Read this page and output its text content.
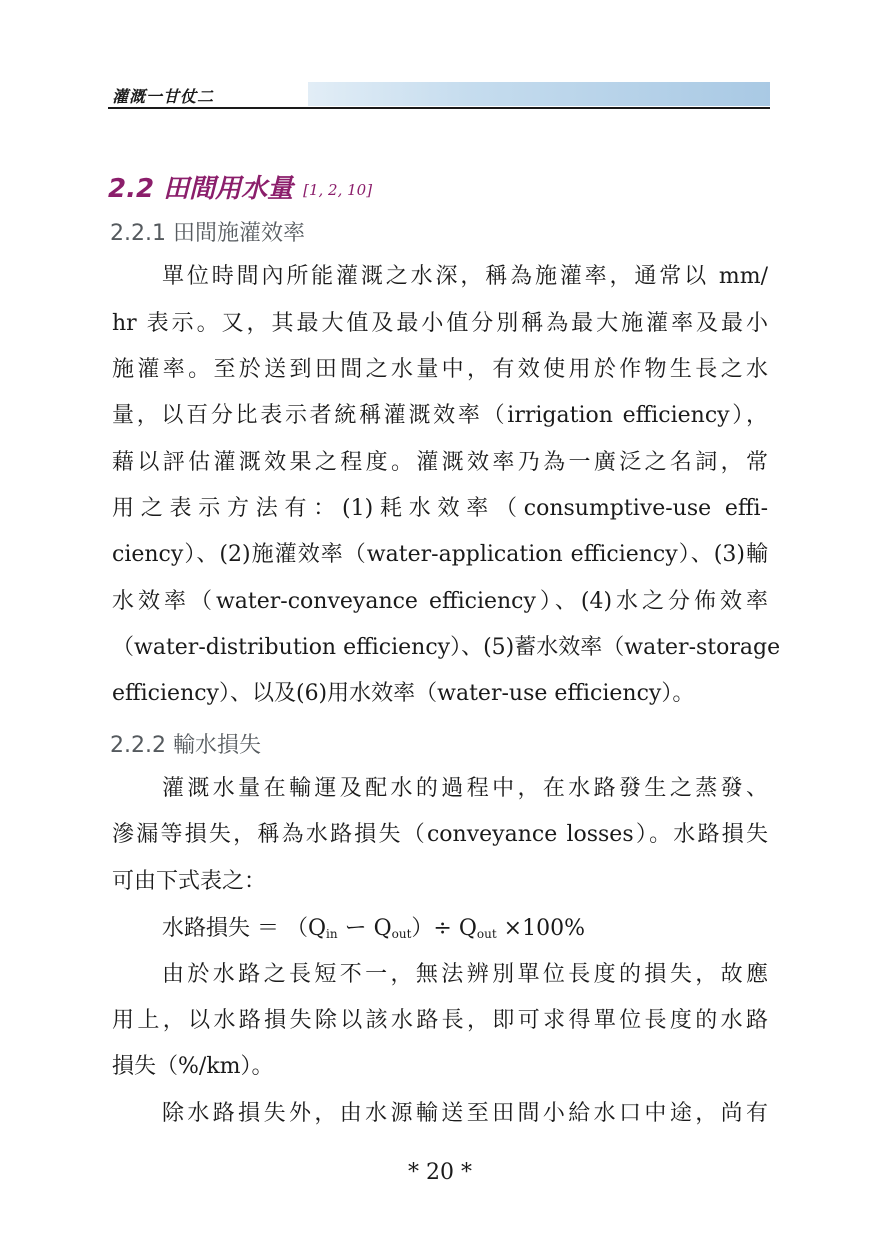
灌溉一甘仗二
2.2 田間用水量 [1, 2, 10]
2.2.1 田間施灌效率
單位時間內所能灌溉之水深，稱為施灌率，通常以 mm/
hr 表示。又，其最大值及最小值分別稱為最大施灌率及最小
施灌率。至於送到田間之水量中，有效使用於作物生長之水
量，以百分比表示者統稱灌溉效率（irrigation efficiency），
藉以評估灌溉效果之程度。灌溉效率乃為一廣泛之名詞，常
用之表示方法有：(1)耗水效率（consumptive-use effi-
ciency）、(2)施灌效率（water-application efficiency）、(3)輸
水效率（water-conveyance efficiency）、(4)水之分佈效率
（water-distribution efficiency）、(5)蓄水效率（water-storage
efficiency）、以及(6)用水效率（water-use efficiency）。
2.2.2 輸水損失
灌溉水量在輸運及配水的過程中，在水路發生之蒸發、
滲漏等損失，稱為水路損失（conveyance losses）。水路損失
可由下式表之：
水路損失 ＝ （$Q_{in}$ ー $Q_{out})\div Q_{out} \times 100\%$
由於水路之長短不一，無法辨別單位長度的損失，故應
用上，以水路損失除以該水路長，即可求得單位長度的水路
損失（%/km）。
除水路損失外，由水源輸送至田間小給水口中途，尚有
* 20 *
